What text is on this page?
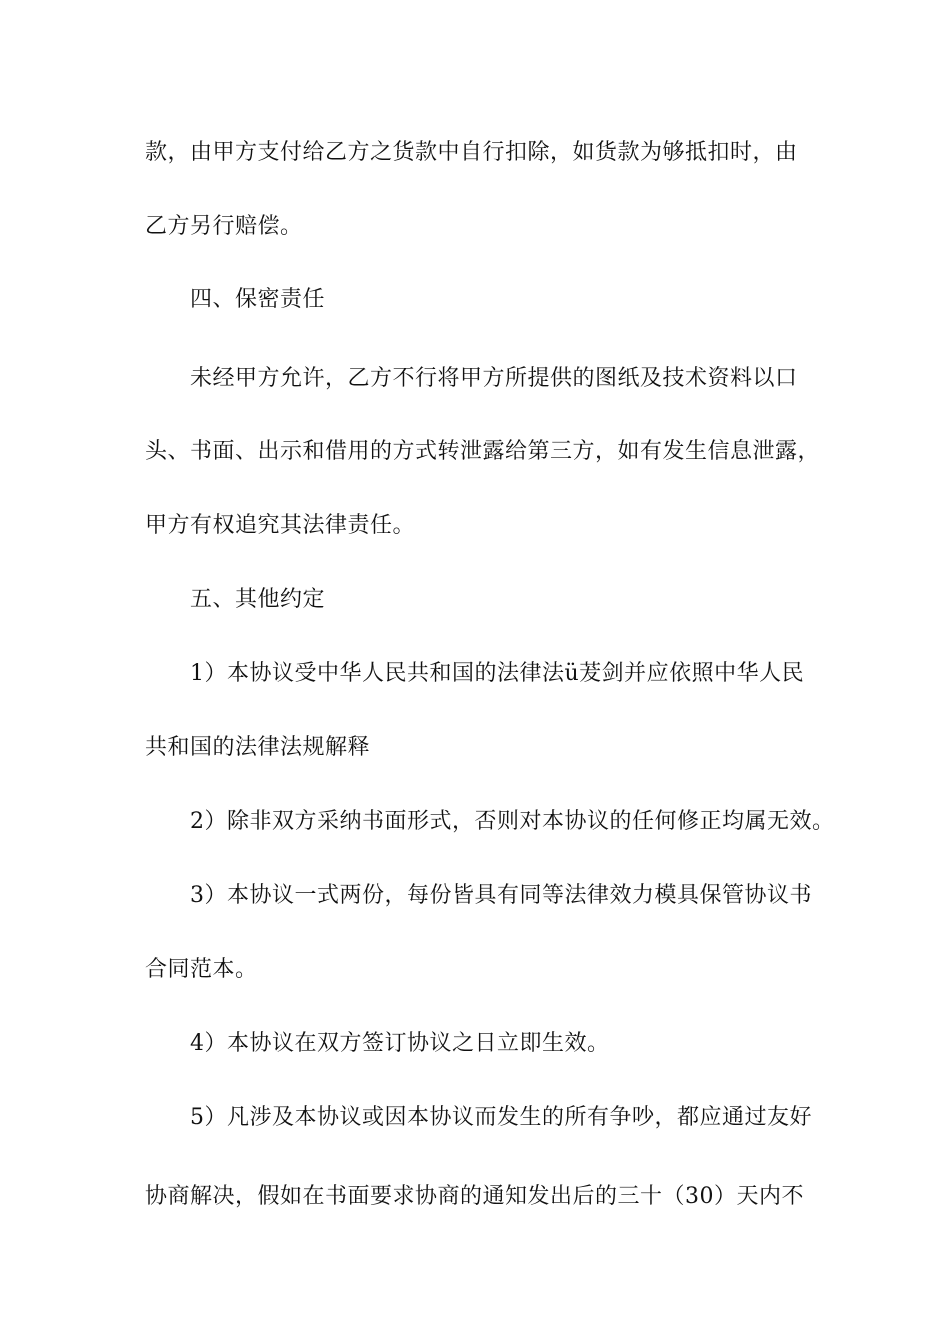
款，由甲方支付给乙方之货款中自行扣除，如货款为够抵扣时，由
乙方另行赔偿。
四、保密责任
未经甲方允许，乙方不行将甲方所提供的图纸及技术资料以口
头、书面、出示和借用的方式转泄露给第三方，如有发生信息泄露，
甲方有权追究其法律责任。
五、其他约定
1）本协议受中华人民共和国的法律法ü茇剑并应依照中华人民
共和国的法律法规解释
2）除非双方采纳书面形式，否则对本协议的任何修正均属无效。
3）本协议一式两份，每份皆具有同等法律效力模具保管协议书
合同范本。
4）本协议在双方签订协议之日立即生效。
5）凡涉及本协议或因本协议而发生的所有争吵，都应通过友好
协商解决，假如在书面要求协商的通知发出后的三十（30）天内不
